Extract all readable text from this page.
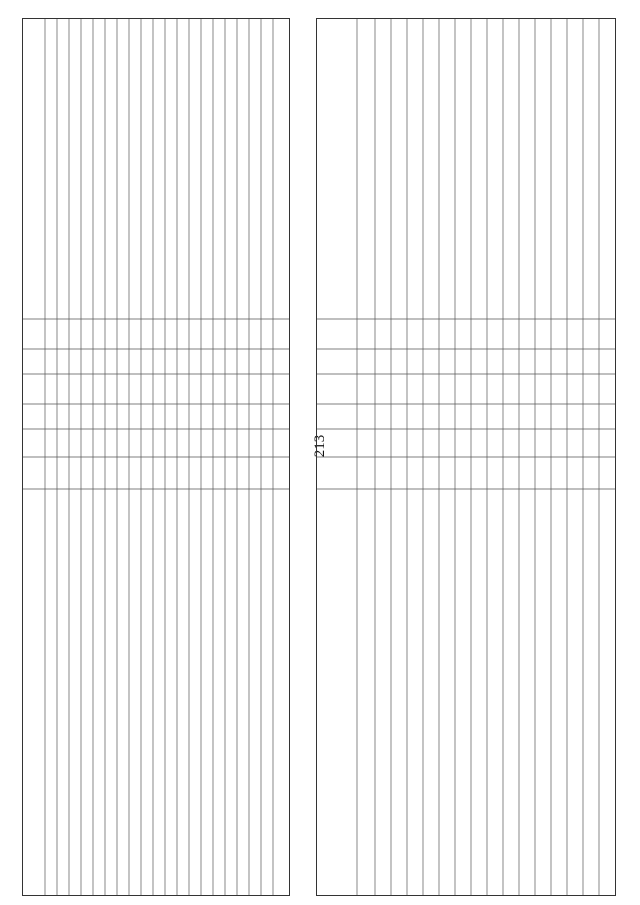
213
